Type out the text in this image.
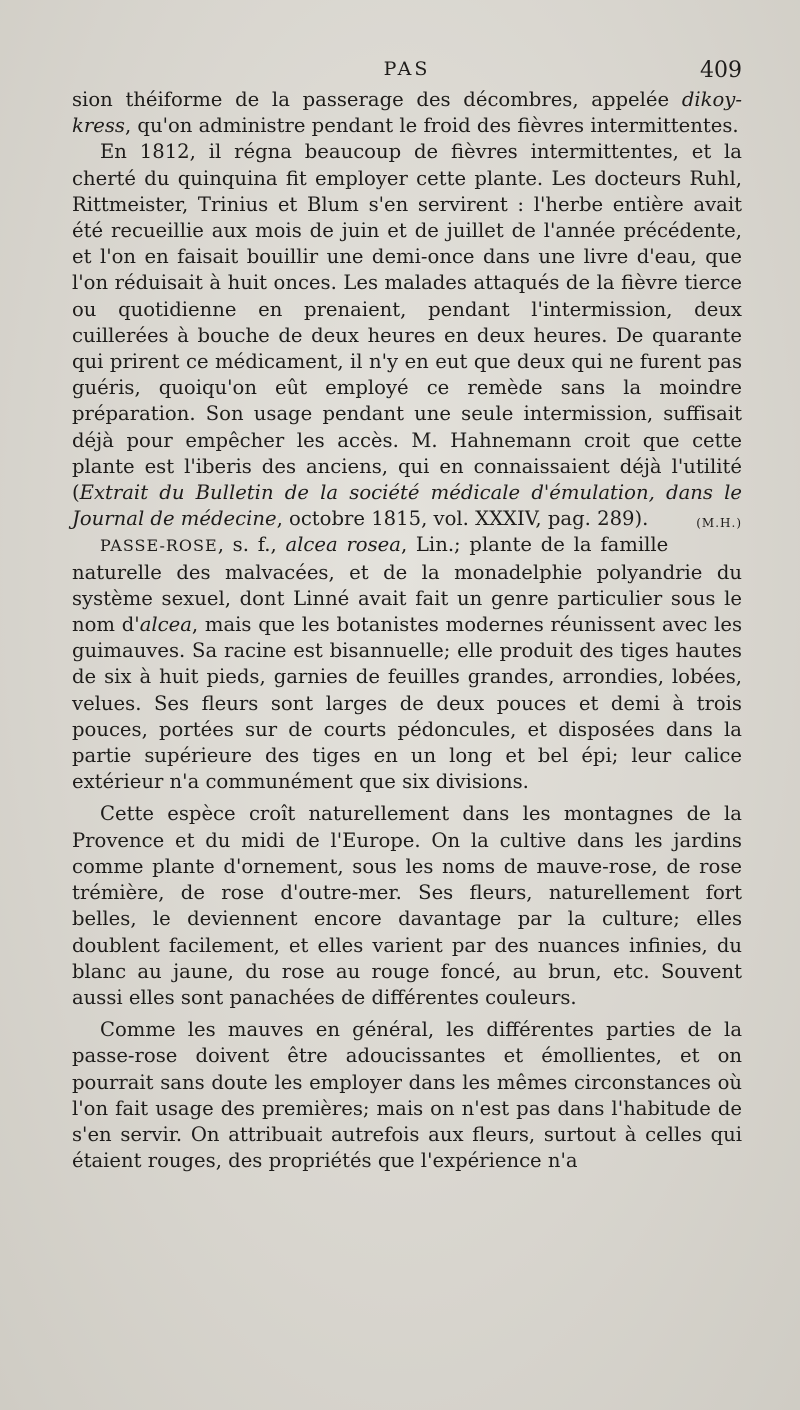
PAS	409

sion théiforme de la passerage des décombres, appelée dikoy-kress, qu'on administre pendant le froid des fièvres intermittentes.

En 1812, il régna beaucoup de fièvres intermittentes, et la cherté du quinquina fit employer cette plante. Les docteurs Ruhl, Rittmeister, Trinius et Blum s'en servirent : l'herbe entière avait été recueillie aux mois de juin et de juillet de l'année précédente, et l'on en faisait bouillir une demi-once dans une livre d'eau, que l'on réduisait à huit onces. Les malades attaqués de la fièvre tierce ou quotidienne en prenaient, pendant l'intermission, deux cuillerées à bouche de deux heures en deux heures. De quarante qui prirent ce médicament, il n'y en eut que deux qui ne furent pas guéris, quoiqu'on eût employé ce remède sans la moindre préparation. Son usage pendant une seule intermission, suffisait déjà pour empêcher les accès. M. Hahnemann croit que cette plante est l'iberis des anciens, qui en connaissaient déjà l'utilité (Extrait du Bulletin de la société médicale d'émulation, dans le Journal de médecine, octobre 1815, vol. XXXIV, pag. 289).	(M.H.)

PASSE-ROSE, s. f., alcea rosea, Lin.; plante de la famille naturelle des malvacées, et de la monadelphie polyandrie du système sexuel, dont Linné avait fait un genre particulier sous le nom d'alcea, mais que les botanistes modernes réunissent avec les guimauves. Sa racine est bisannuelle; elle produit des tiges hautes de six à huit pieds, garnies de feuilles grandes, arrondies, lobées, velues. Ses fleurs sont larges de deux pouces et demi à trois pouces, portées sur de courts pédoncules, et disposées dans la partie supérieure des tiges en un long et bel épi; leur calice extérieur n'a communément que six divisions.

Cette espèce croît naturellement dans les montagnes de la Provence et du midi de l'Europe. On la cultive dans les jardins comme plante d'ornement, sous les noms de mauve-rose, de rose trémière, de rose d'outre-mer. Ses fleurs, naturellement fort belles, le deviennent encore davantage par la culture; elles doublent facilement, et elles varient par des nuances infinies, du blanc au jaune, du rose au rouge foncé, au brun, etc. Souvent aussi elles sont panachées de différentes couleurs.

Comme les mauves en général, les différentes parties de la passe-rose doivent être adoucissantes et émollientes, et on pourrait sans doute les employer dans les mêmes circonstances où l'on fait usage des premières; mais on n'est pas dans l'habitude de s'en servir. On attribuait autrefois aux fleurs, surtout à celles qui étaient rouges, des propriétés que l'expérience n'a
